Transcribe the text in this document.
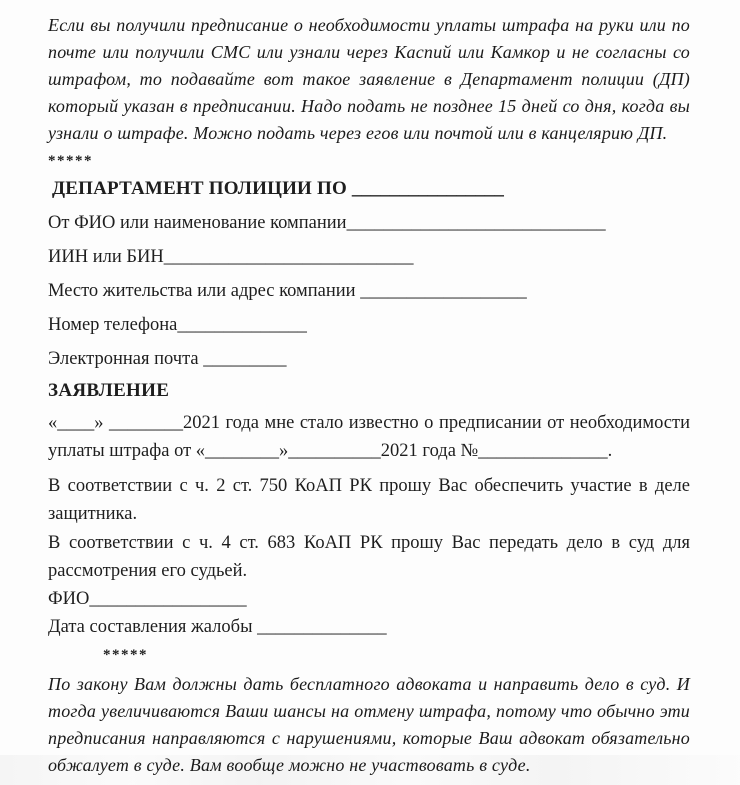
Если вы получили предписание о необходимости уплаты штрафа на руки или по почте или получили СМС или узнали через Каспий или Камкор и не согласны со штрафом, то подавайте вот такое заявление в Департамент полиции (ДП) который указан в предписании. Надо подать не позднее 15 дней со дня, когда вы узнали о штрафе. Можно подать через егов или почтой или в канцелярию ДП.

*****

ДЕПАРТАМЕНТ ПОЛИЦИИ ПО ________________

От ФИО или наименование компании____________________________

ИИН или БИН___________________________

Место жительства или адрес компании __________________

Номер телефона______________

Электронная почта _________

ЗАЯВЛЕНИЕ

«____» ________2021 года мне стало известно о предписании от необходимости уплаты штрафа от «________»__________2021 года №______________.

В соответствии с ч. 2 ст. 750 КоАП РК прошу Вас обеспечить участие в деле защитника.

В соответствии с ч. 4 ст. 683 КоАП РК прошу Вас передать дело в суд для рассмотрения его судьей.

ФИО_________________

Дата составления жалобы ______________

*****

По закону Вам должны дать бесплатного адвоката и направить дело в суд. И тогда увеличиваются Ваши шансы на отмену штрафа, потому что обычно эти предписания направляются с нарушениями, которые Ваш адвокат обязательно обжалует в суде. Вам вообще можно не участвовать в суде.
